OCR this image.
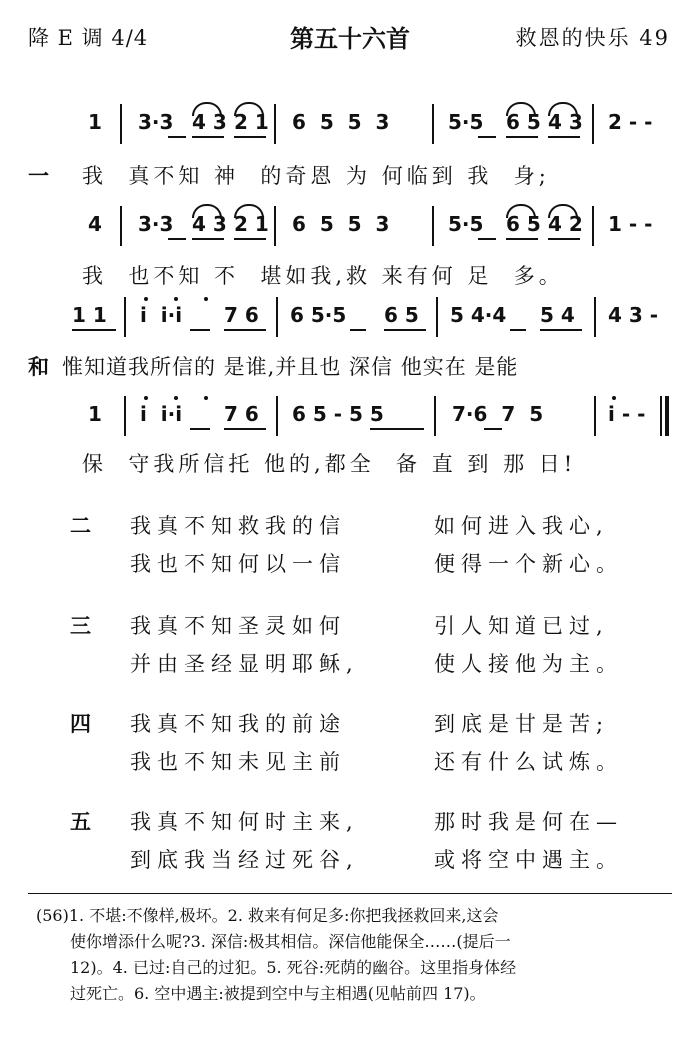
降 E 调 4/4	第五十六首	救恩的快乐 49
1 3·3 4 3 2 1 6  5  5  3	5·5 6 5 4 3 2 - -
一 我  真不知 神  的奇恩 为 何临到 我  身;
4 3·3 4 3 2 1 6  5  5  3	5·5 6 5 4 2 1 - -
我  也不知 不  堪如我,救 来有何 足  多。
1 1 i  i·i 7 6 6 5·5 6 5 5 4·4 5 4 4 3 -
和 惟知道我所信的 是谁,并且也 深信 他实在 是能
1 i  i·i 7 6 6 5 - 5 5	7·6  7  5	i - -
保  守我所信托 他的,都全  备 直 到 那 日!
二 我真不知救我的信	如何进入我心,
我也不知何以一信	便得一个新心。
三 我真不知圣灵如何	引人知道已过,
并由圣经显明耶稣,	使人接他为主。
四 我真不知我的前途	到底是甘是苦;
我也不知未见主前	还有什么试炼。
五 我真不知何时主来,	那时我是何在—
到底我当经过死谷,	或将空中遇主。
(56)1. 不堪:不像样,极坏。2. 救来有何足多:你把我拯救回来,这会
使你增添什么呢?3. 深信:极其相信。深信他能保全……(提后一
12)。4. 已过:自己的过犯。5. 死谷:死荫的幽谷。这里指身体经
过死亡。6. 空中遇主:被提到空中与主相遇(见帖前四 17)。
